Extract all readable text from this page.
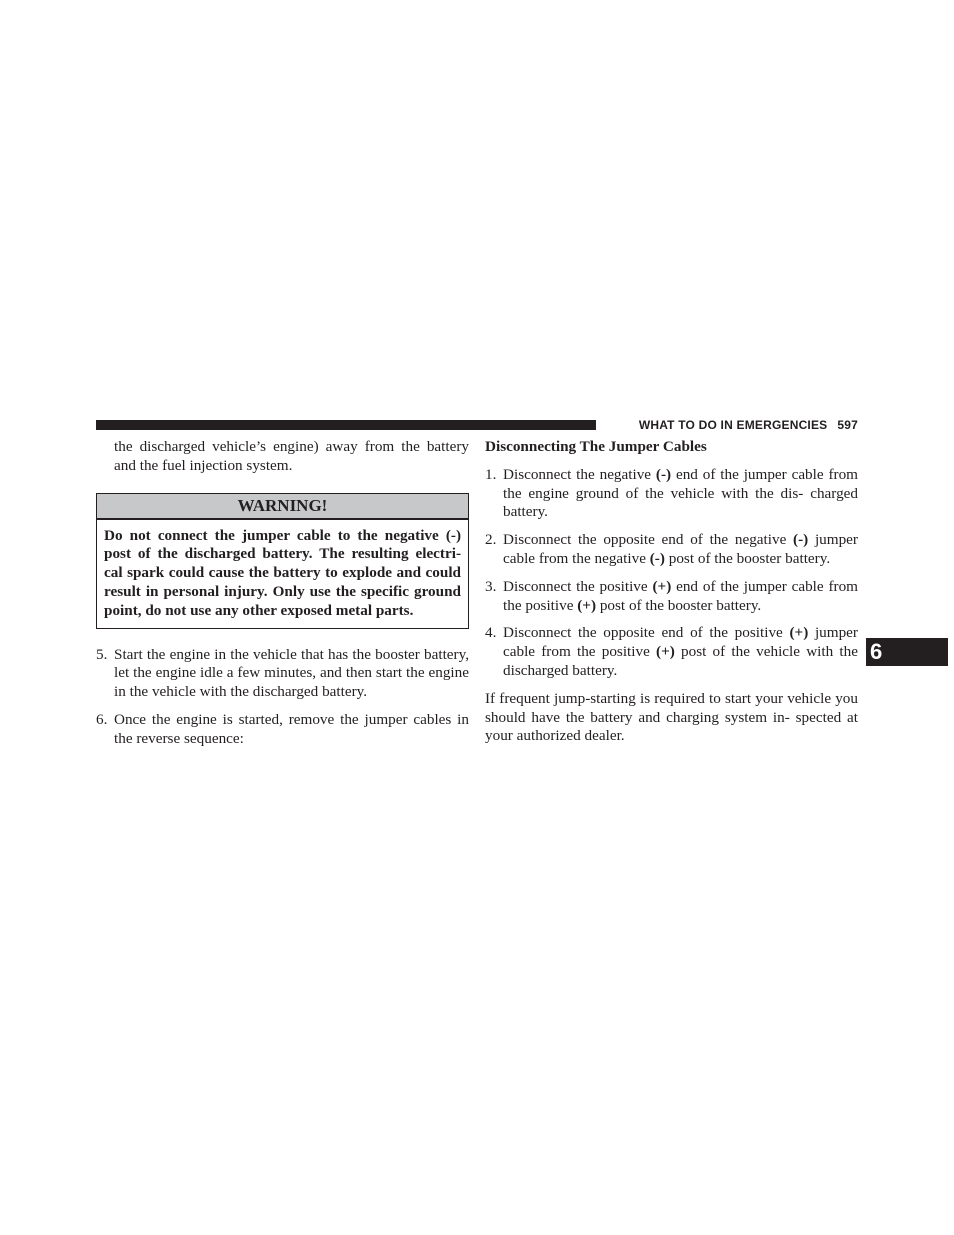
WHAT TO DO IN EMERGENCIES 597

the discharged vehicle’s engine) away from the battery and the fuel injection system.

WARNING!
Do not connect the jumper cable to the negative (-) post of the discharged battery. The resulting electri- cal spark could cause the battery to explode and could result in personal injury. Only use the specific ground point, do not use any other exposed metal parts.
5. Start the engine in the vehicle that has the booster battery, let the engine idle a few minutes, and then start the engine in the vehicle with the discharged battery.
6. Once the engine is started, remove the jumper cables in the reverse sequence:

Disconnecting The Jumper Cables

1. Disconnect the negative (-) end of the jumper cable from the engine ground of the vehicle with the dis- charged battery.
2. Disconnect the opposite end of the negative (-) jumper cable from the negative (-) post of the booster battery.
3. Disconnect the positive (+) end of the jumper cable from the positive (+) post of the booster battery.
4. Disconnect the opposite end of the positive (+) jumper cable from the positive (+) post of the vehicle with the discharged battery.

If frequent jump-starting is required to start your vehicle you should have the battery and charging system in- spected at your authorized dealer.

6
